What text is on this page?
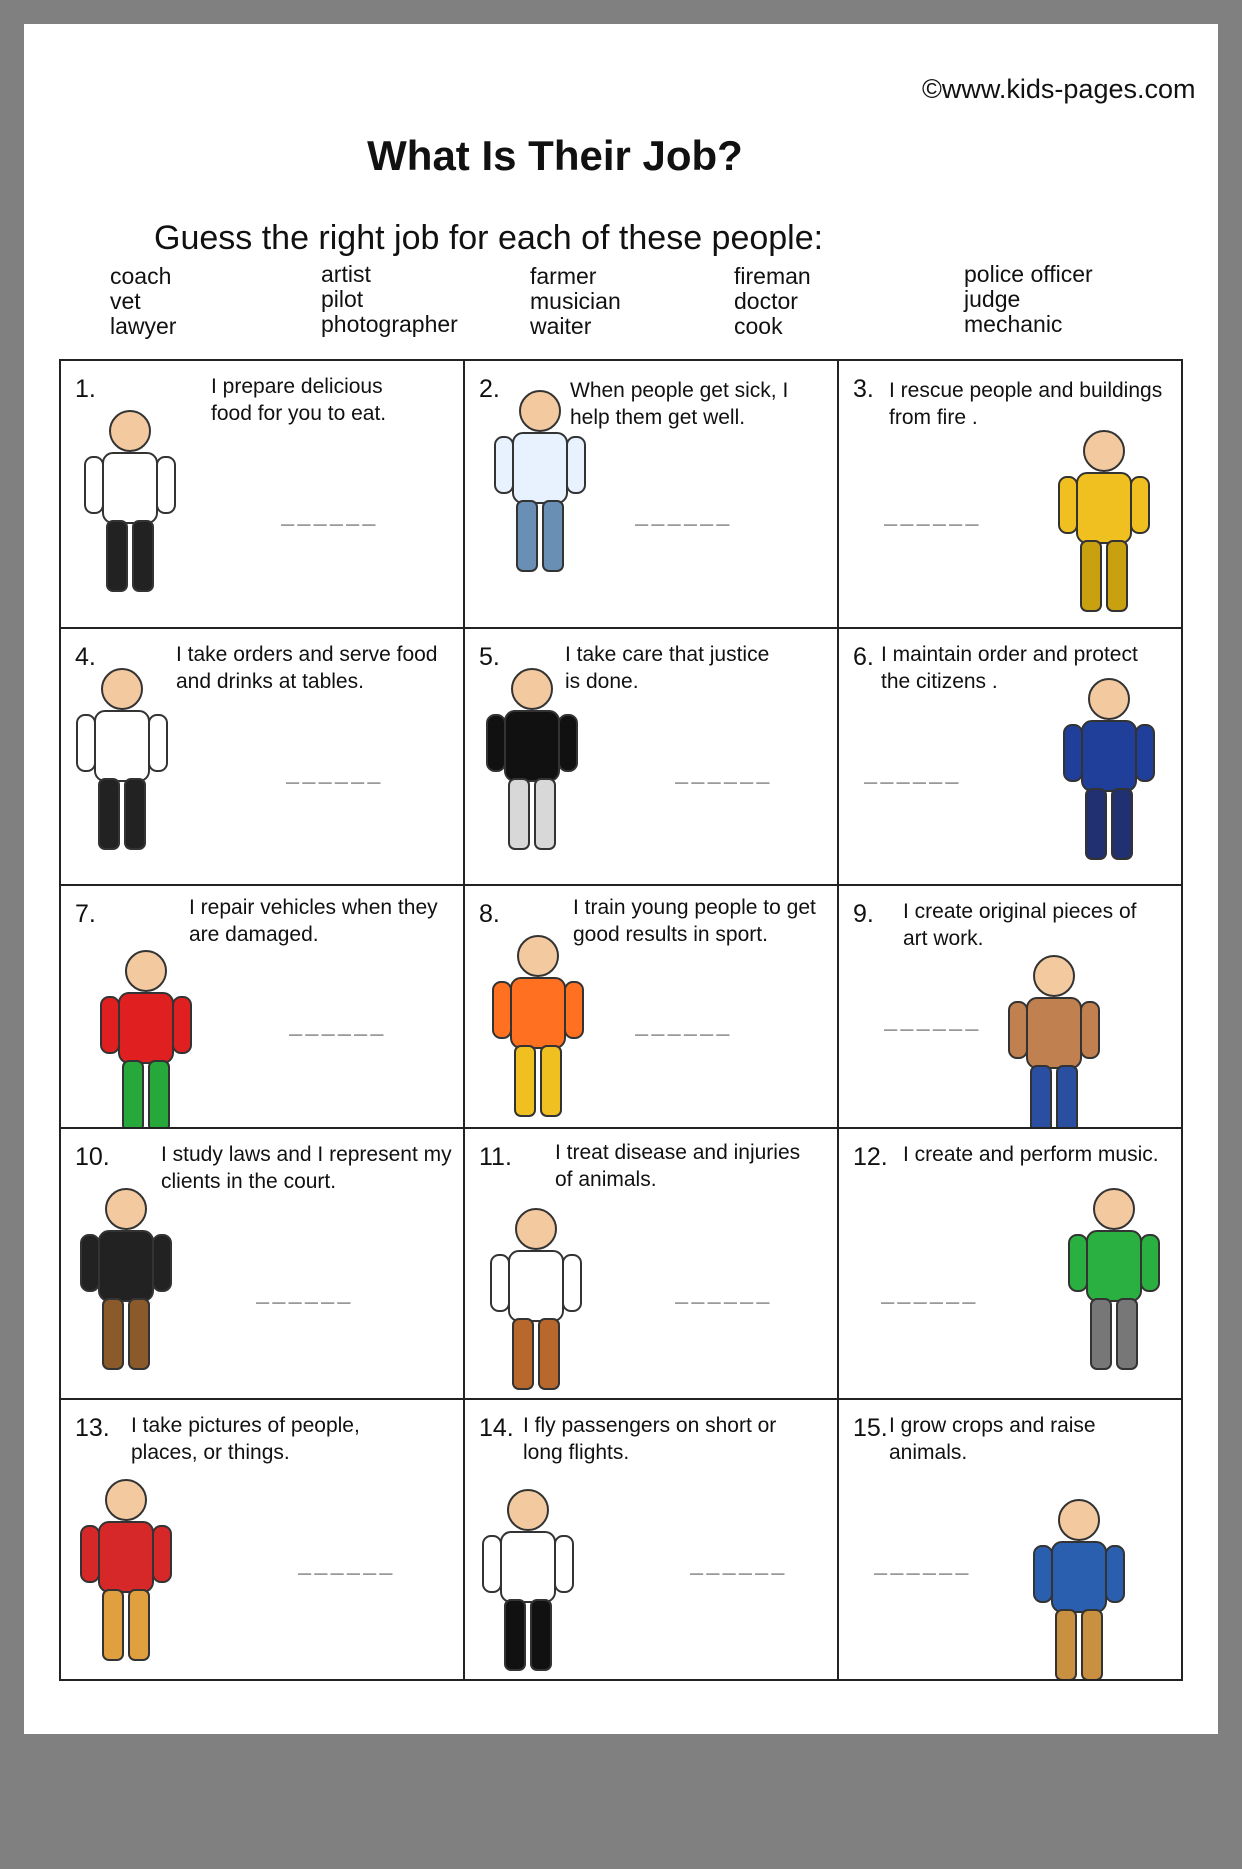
©www.kids-pages.com
What Is Their Job?
Guess the right job for each of these people:
coach
vet
lawyer
artist
pilot
photographer
farmer
musician
waiter
fireman
doctor
cook
police officer
judge
mechanic
1.	I prepare delicious food for you to eat.
______
2.	When people get sick, I help them get well.
______
3. I rescue people and buildings from fire .
______
4.	I take orders and serve food and drinks at tables.
______
5.	I take care that justice is done.
______
6. I maintain order and protect the citizens .
______
7.	I repair vehicles when they are damaged.
______
8.	I train young people to get good results in sport.
______
9. I create original pieces of art work.
______
10. I study laws and I represent my clients in the court.
______
11. I treat disease and injuries of animals.
______
12. I create and perform music.
______
13. I take pictures of people, places, or things.
______
14. I fly passengers on short or long flights.
______
15. I grow crops and raise animals.
______
